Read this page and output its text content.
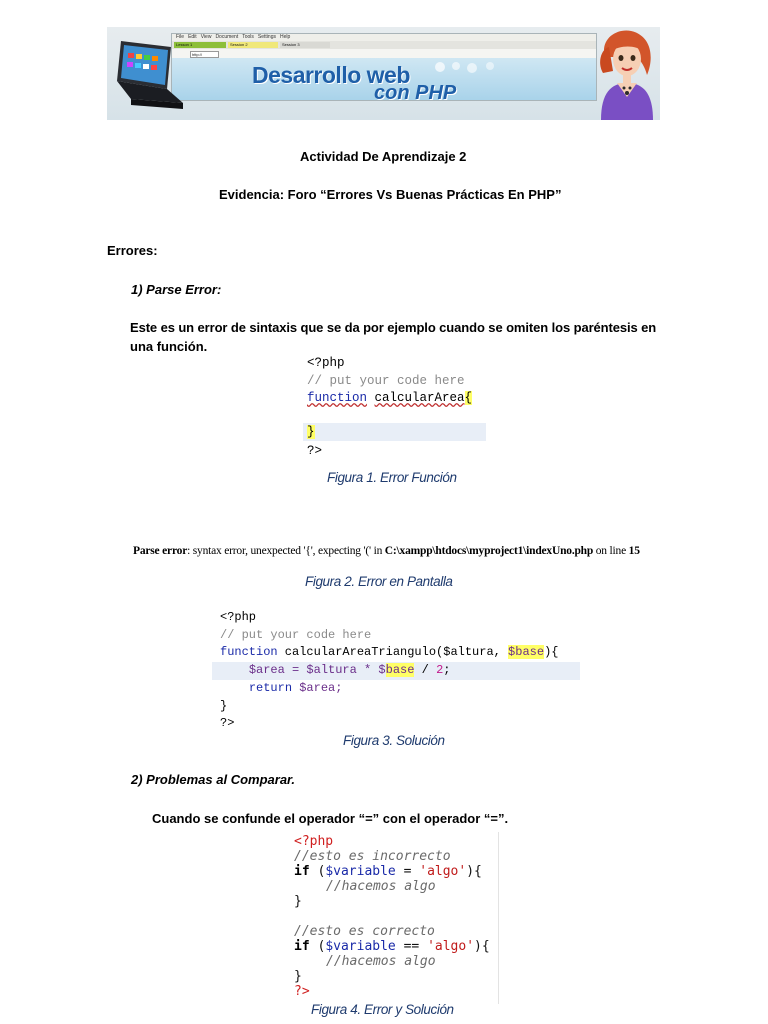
File Edit View Document Tools Settings Help
Lesson 1	Session 2	Session 3
http://
Desarrollo web
con PHP
Actividad De Aprendizaje 2
Evidencia: Foro “Errores Vs Buenas Prácticas En PHP”
Errores:
1) Parse Error:
Este es un error de sintaxis que se da por ejemplo cuando se omiten los paréntesis en
una función.

<?php

// put your code here

function calcularArea{

}

?>

Figura 1. Error Función
Parse error: syntax error, unexpected '{', expecting '(' in C:\xampp\htdocs\myproject1\indexUno.php on line 15
Figura 2. Error en Pantalla

<?php

// put your code here

function calcularAreaTriangulo($altura, $base){

$area = $altura * $base / 2;

return $area;

}

?>

Figura 3. Solución
2) Problemas al Comparar.
Cuando se confunde el operador “=” con el operador “=”.

<?php

//esto es incorrecto

if ($variable = 'algo'){

//hacemos algo

}

//esto es correcto

if ($variable == 'algo'){

//hacemos algo

}

?>

Figura 4. Error y Solución
